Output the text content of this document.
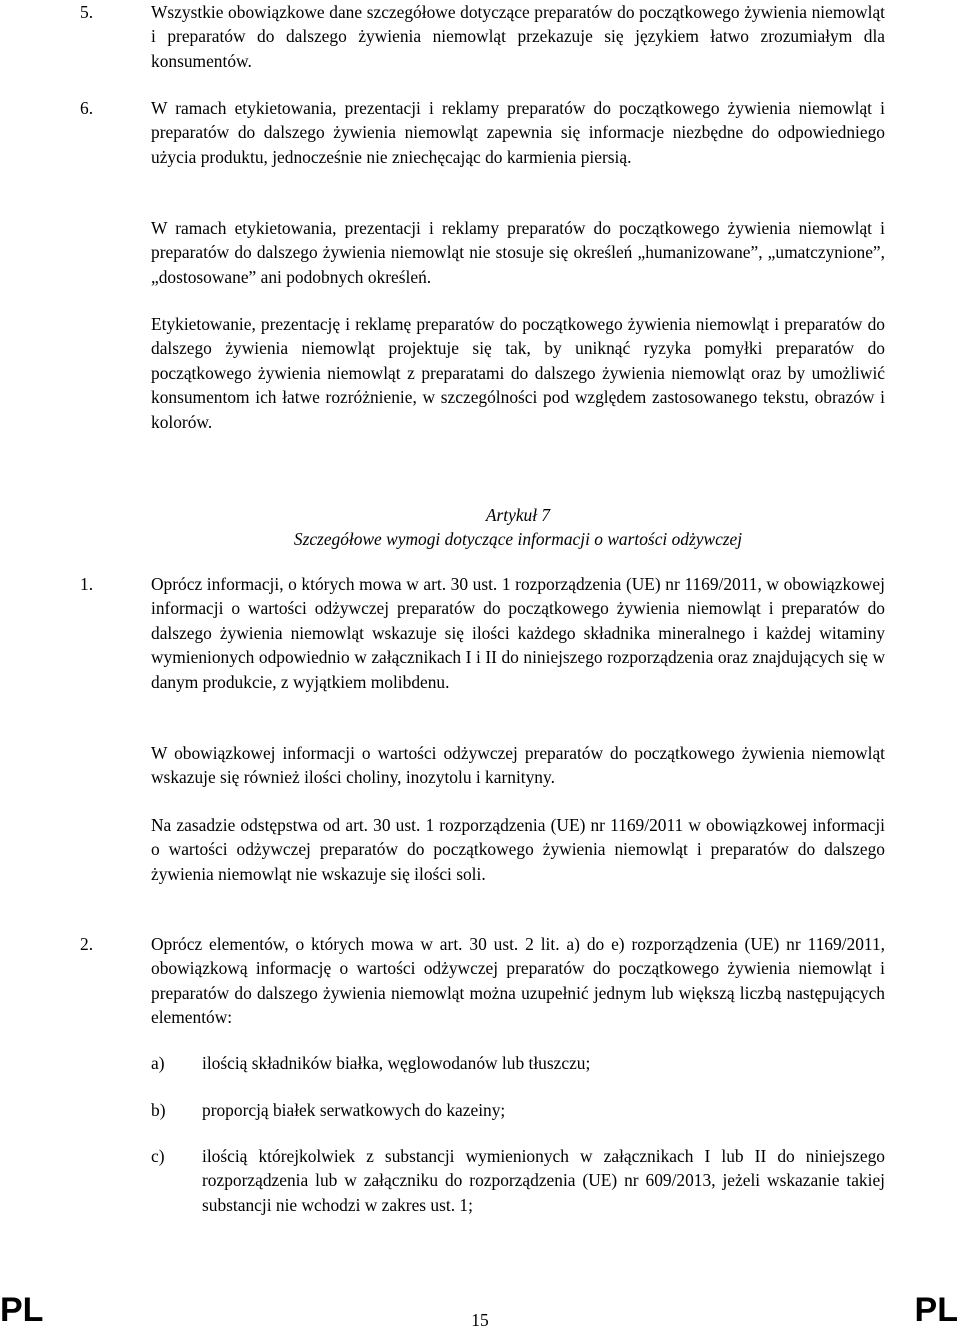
5.	Wszystkie obowiązkowe dane szczegółowe dotyczące preparatów do początkowego żywienia niemowląt i preparatów do dalszego żywienia niemowląt przekazuje się językiem łatwo zrozumiałym dla konsumentów.

6.	W ramach etykietowania, prezentacji i reklamy preparatów do początkowego żywienia niemowląt i preparatów do dalszego żywienia niemowląt zapewnia się informacje niezbędne do odpowiedniego użycia produktu, jednocześnie nie zniechęcając do karmienia piersią.

W ramach etykietowania, prezentacji i reklamy preparatów do początkowego żywienia niemowląt i preparatów do dalszego żywienia niemowląt nie stosuje się określeń „humanizowane”, „umatczynione”, „dostosowane” ani podobnych określeń.

Etykietowanie, prezentację i reklamę preparatów do początkowego żywienia niemowląt i preparatów do dalszego żywienia niemowląt projektuje się tak, by uniknąć ryzyka pomyłki preparatów do początkowego żywienia niemowląt z preparatami do dalszego żywienia niemowląt oraz by umożliwić konsumentom ich łatwe rozróżnienie, w szczególności pod względem zastosowanego tekstu, obrazów i kolorów.

Artykuł 7

Szczegółowe wymogi dotyczące informacji o wartości odżywczej

1.	Oprócz informacji, o których mowa w art. 30 ust. 1 rozporządzenia (UE) nr 1169/2011, w obowiązkowej informacji o wartości odżywczej preparatów do początkowego żywienia niemowląt i preparatów do dalszego żywienia niemowląt wskazuje się ilości każdego składnika mineralnego i każdej witaminy wymienionych odpowiednio w załącznikach I i II do niniejszego rozporządzenia oraz znajdujących się w danym produkcie, z wyjątkiem molibdenu.

W obowiązkowej informacji o wartości odżywczej preparatów do początkowego żywienia niemowląt wskazuje się również ilości choliny, inozytolu i karnityny.

Na zasadzie odstępstwa od art. 30 ust. 1 rozporządzenia (UE) nr 1169/2011 w obowiązkowej informacji o wartości odżywczej preparatów do początkowego żywienia niemowląt i preparatów do dalszego żywienia niemowląt nie wskazuje się ilości soli.

2.	Oprócz elementów, o których mowa w art. 30 ust. 2 lit. a) do e) rozporządzenia (UE) nr 1169/2011, obowiązkową informację o wartości odżywczej preparatów do początkowego żywienia niemowląt i preparatów do dalszego żywienia niemowląt można uzupełnić jednym lub większą liczbą następujących elementów:

a) ilością składników białka, węglowodanów lub tłuszczu;

b) proporcją białek serwatkowych do kazeiny;

c) ilością którejkolwiek z substancji wymienionych w załącznikach I lub II do niniejszego rozporządzenia lub w załączniku do rozporządzenia (UE) nr 609/2013, jeżeli wskazanie takiej substancji nie wchodzi w zakres ust. 1;

PL	15	PL
